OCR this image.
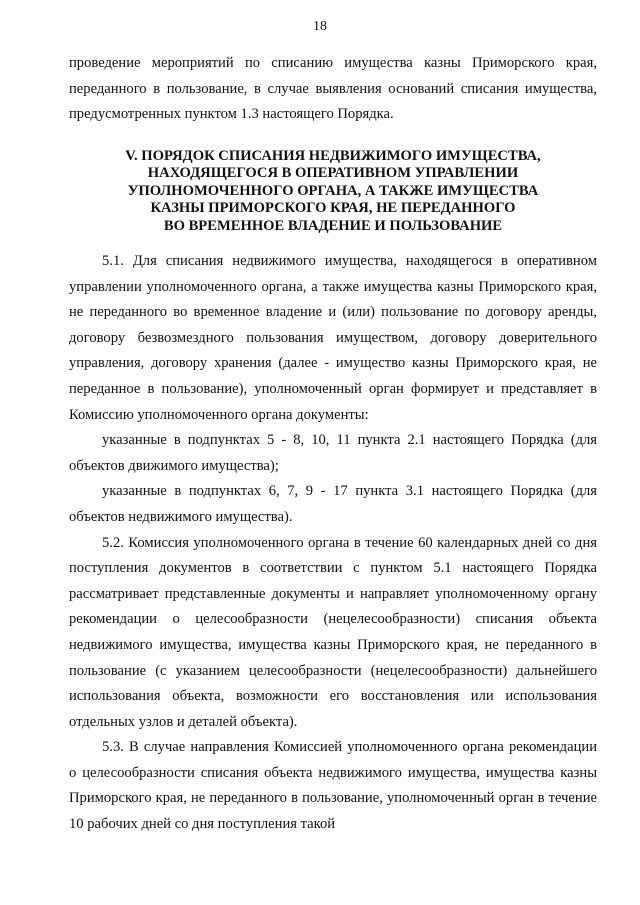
18

проведение мероприятий по списанию имущества казны Приморского края, переданного в пользование, в случае выявления оснований списания имущества, предусмотренных пунктом 1.3 настоящего Порядка.

V. ПОРЯДОК СПИСАНИЯ НЕДВИЖИМОГО ИМУЩЕСТВА,
НАХОДЯЩЕГОСЯ В ОПЕРАТИВНОМ УПРАВЛЕНИИ
УПОЛНОМОЧЕННОГО ОРГАНА, А ТАКЖЕ ИМУЩЕСТВА
КАЗНЫ ПРИМОРСКОГО КРАЯ, НЕ ПЕРЕДАННОГО
ВО ВРЕМЕННОЕ ВЛАДЕНИЕ И ПОЛЬЗОВАНИЕ

5.1. Для списания недвижимого имущества, находящегося в оперативном управлении уполномоченного органа, а также имущества казны Приморского края, не переданного во временное владение и (или) пользование по договору аренды, договору безвозмездного пользования имуществом, договору доверительного управления, договору хранения (далее - имущество казны Приморского края, не переданное в пользование), уполномоченный орган формирует и представляет в Комиссию уполномоченного органа документы:

указанные в подпунктах 5 - 8, 10, 11 пункта 2.1 настоящего Порядка (для объектов движимого имущества);

указанные в подпунктах 6, 7, 9 - 17 пункта 3.1 настоящего Порядка (для объектов недвижимого имущества).

5.2. Комиссия уполномоченного органа в течение 60 календарных дней со дня поступления документов в соответствии с пунктом 5.1 настоящего Порядка рассматривает представленные документы и направляет уполномоченному органу рекомендации о целесообразности (нецелесообразности) списания объекта недвижимого имущества, имущества казны Приморского края, не переданного в пользование (с указанием целесообразности (нецелесообразности) дальнейшего использования объекта, возможности его восстановления или использования отдельных узлов и деталей объекта).

5.3. В случае направления Комиссией уполномоченного органа рекомендации о целесообразности списания объекта недвижимого имущества, имущества казны Приморского края, не переданного в пользование, уполномоченный орган в течение 10 рабочих дней со дня поступления такой
